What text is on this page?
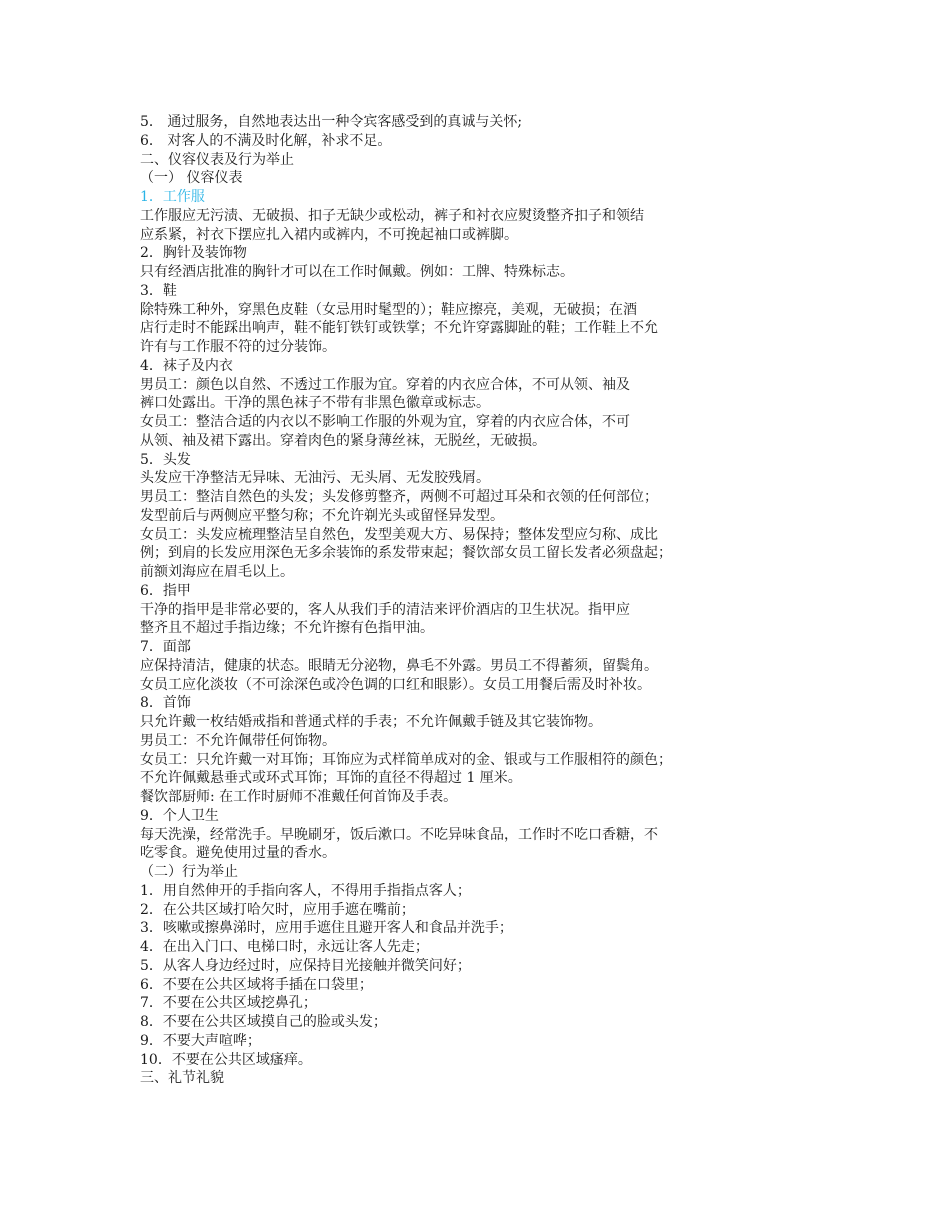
5． 通过服务，自然地表达出一种令宾客感受到的真诚与关怀;
6． 对客人的不满及时化解，补求不足。
二、仪容仪表及行为举止
（一） 仪容仪表
1．工作服
工作服应无污渍、无破损、扣子无缺少或松动，裤子和衬衣应熨烫整齐扣子和领结
应系紧，衬衣下摆应扎入裙内或裤内，不可挽起袖口或裤脚。
2．胸针及装饰物
只有经酒店批准的胸针才可以在工作时佩戴。例如：工牌、特殊标志。
3．鞋
除特殊工种外，穿黑色皮鞋（女忌用时髦型的）；鞋应擦亮，美观，无破损；在酒
店行走时不能踩出响声，鞋不能钉铁钉或铁掌；不允许穿露脚趾的鞋；工作鞋上不允
许有与工作服不符的过分装饰。
4．袜子及内衣
男员工：颜色以自然、不透过工作服为宜。穿着的内衣应合体，不可从领、袖及
裤口处露出。干净的黑色袜子不带有非黑色徽章或标志。
女员工：整洁合适的内衣以不影响工作服的外观为宜，穿着的内衣应合体，不可
从领、袖及裙下露出。穿着肉色的紧身薄丝袜，无脱丝，无破损。
5．头发
头发应干净整洁无异味、无油污、无头屑、无发胶残屑。
男员工：整洁自然色的头发；头发修剪整齐，两侧不可超过耳朵和衣领的任何部位；
发型前后与两侧应平整匀称；不允许剃光头或留怪异发型。
女员工：头发应梳理整洁呈自然色，发型美观大方、易保持；整体发型应匀称、成比
例；到肩的长发应用深色无多余装饰的系发带束起；餐饮部女员工留长发者必须盘起；
前额刘海应在眉毛以上。
6．指甲
干净的指甲是非常必要的，客人从我们手的清洁来评价酒店的卫生状况。指甲应
整齐且不超过手指边缘；不允许擦有色指甲油。
7．面部
应保持清洁，健康的状态。眼睛无分泌物，鼻毛不外露。男员工不得蓄须，留鬓角。
女员工应化淡妆（不可涂深色或冷色调的口红和眼影）。女员工用餐后需及时补妆。
8．首饰
只允许戴一枚结婚戒指和普通式样的手表；不允许佩戴手链及其它装饰物。
男员工：不允许佩带任何饰物。
女员工：只允许戴一对耳饰；耳饰应为式样简单成对的金、银或与工作服相符的颜色；
不允许佩戴悬垂式或环式耳饰；耳饰的直径不得超过 1 厘米。
餐饮部厨师: 在工作时厨师不准戴任何首饰及手表。
9．个人卫生
每天洗澡，经常洗手。早晚刷牙，饭后漱口。不吃异味食品，工作时不吃口香糖，不
吃零食。避免使用过量的香水。
（二）行为举止
1．用自然伸开的手指向客人，不得用手指指点客人；
2．在公共区域打哈欠时，应用手遮在嘴前；
3．咳嗽或擦鼻涕时，应用手遮住且避开客人和食品并洗手；
4．在出入门口、电梯口时，永远让客人先走；
5．从客人身边经过时，应保持目光接触并微笑问好；
6．不要在公共区域将手插在口袋里；
7．不要在公共区域挖鼻孔；
8．不要在公共区域摸自己的脸或头发；
9．不要大声喧哗；
10．不要在公共区域瘙痒。
三、礼节礼貌
